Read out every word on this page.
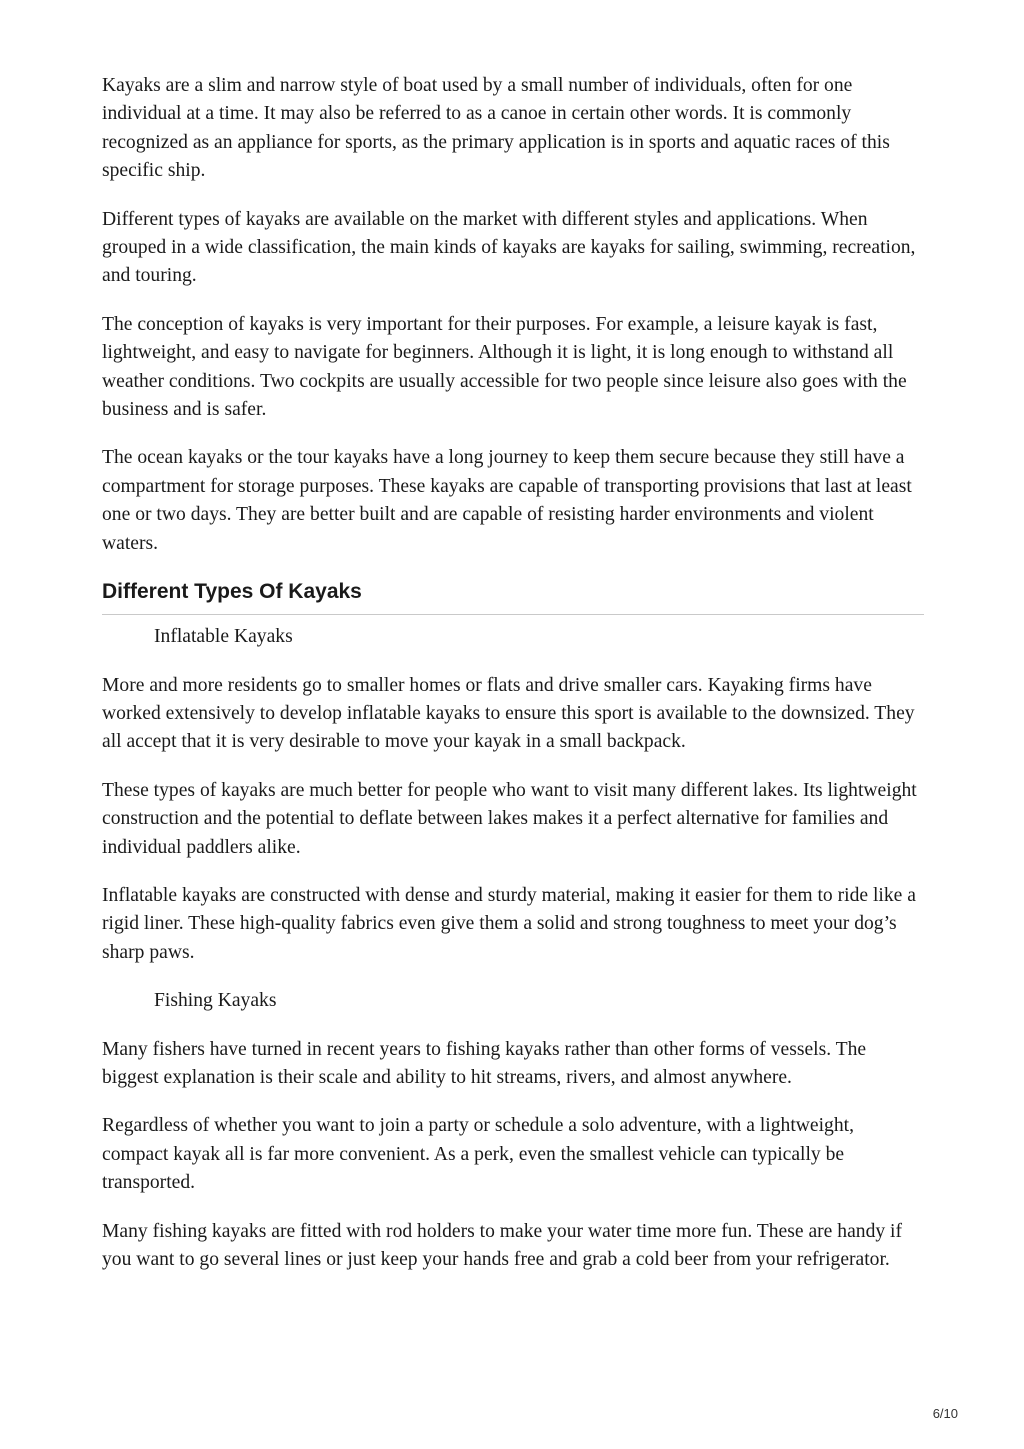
Kayaks are a slim and narrow style of boat used by a small number of individuals, often for one individual at a time. It may also be referred to as a canoe in certain other words. It is commonly recognized as an appliance for sports, as the primary application is in sports and aquatic races of this specific ship.

Different types of kayaks are available on the market with different styles and applications. When grouped in a wide classification, the main kinds of kayaks are kayaks for sailing, swimming, recreation, and touring.

The conception of kayaks is very important for their purposes. For example, a leisure kayak is fast, lightweight, and easy to navigate for beginners. Although it is light, it is long enough to withstand all weather conditions. Two cockpits are usually accessible for two people since leisure also goes with the business and is safer.

The ocean kayaks or the tour kayaks have a long journey to keep them secure because they still have a compartment for storage purposes. These kayaks are capable of transporting provisions that last at least one or two days. They are better built and are capable of resisting harder environments and violent waters.

Different Types Of Kayaks
Inflatable Kayaks

More and more residents go to smaller homes or flats and drive smaller cars. Kayaking firms have worked extensively to develop inflatable kayaks to ensure this sport is available to the downsized. They all accept that it is very desirable to move your kayak in a small backpack.

These types of kayaks are much better for people who want to visit many different lakes. Its lightweight construction and the potential to deflate between lakes makes it a perfect alternative for families and individual paddlers alike.

Inflatable kayaks are constructed with dense and sturdy material, making it easier for them to ride like a rigid liner. These high-quality fabrics even give them a solid and strong toughness to meet your dog’s sharp paws.

Fishing Kayaks

Many fishers have turned in recent years to fishing kayaks rather than other forms of vessels. The biggest explanation is their scale and ability to hit streams, rivers, and almost anywhere.

Regardless of whether you want to join a party or schedule a solo adventure, with a lightweight, compact kayak all is far more convenient. As a perk, even the smallest vehicle can typically be transported.

Many fishing kayaks are fitted with rod holders to make your water time more fun. These are handy if you want to go several lines or just keep your hands free and grab a cold beer from your refrigerator.

6/10
